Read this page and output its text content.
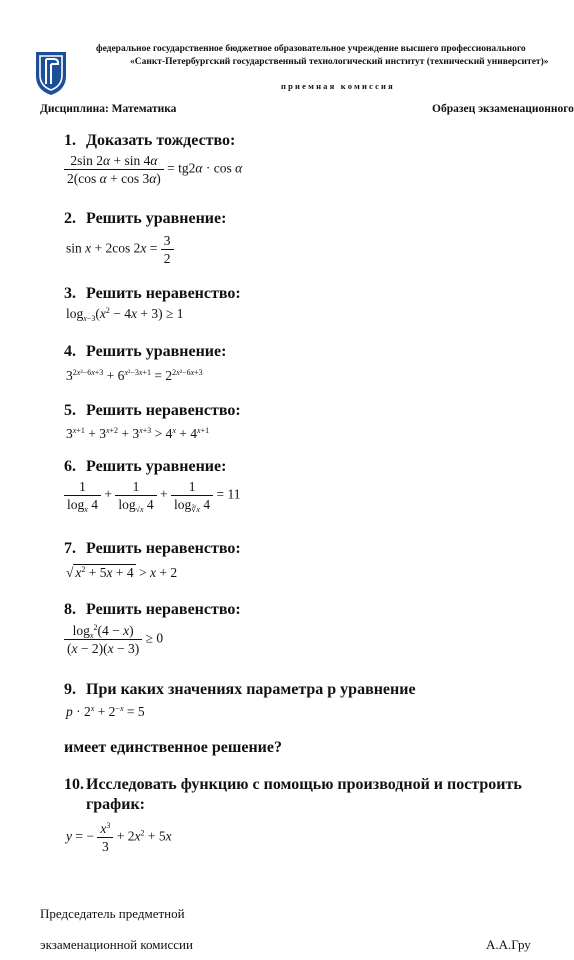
федеральное государственное бюджетное образовательное учреждение высшего профессионального
«Санкт-Петербургский государственный технологический институт (технический университет)»
приемная комиссия
Дисциплина: Математика	Образец экзаменационного
1. Доказать тождество:
$\frac{2\sin 2\alpha + \sin 4\alpha}{\text{2(cos α + cos 3α)}} = tg2\alpha \cdot \cos \alpha$
2. Решить уравнение:
sin x + 2cos $2x = \frac{3}{2}$
3. Решить неравенство:
$\log_{x-3}(x^2 - 4x + 3) \ge 1$
4. Решить уравнение:
$3^{2x^2-6x+3} + 6^{x^2-3x+1} = 2^{2x^2-6x+3}$
5. Решить неравенство:
$3^{x+1} + 3^{x+2} + 3^{x+3} > 4^x + 4^{x+1}$
6. Решить уравнение:
$\frac{1}{\log_x 4} + \frac{1}{\log_{√x} 4} + \frac{1}{\log_{∛x} 4} = 11$
7. Решить неравенство:
√ $x^2 + 5x + 4 > x + 2$
8. Решить неравенство:
$\frac{\log_x^2(4 - x)}{(x - 2)(x - 3)} \ge 0$
9. При каких значениях параметра p уравнение
$p \cdot 2^x + 2^{-x} = 5$
имеет единственное решение?
10. Исследовать функцию с помощью производной и построить
график:
y = − $\frac{x^3}{3} + 2x^2 + 5x$
Председатель предметной
экзаменационной комиссии	А.А.Гру
